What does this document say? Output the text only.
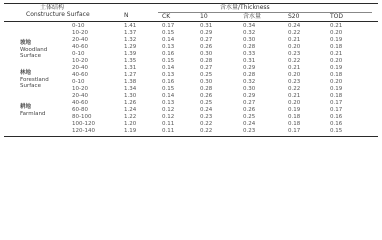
土体结构
Constructure Surface	N
含水量/Thickness
CK	10	含水量	S20	TOD
坡地
Woodland
Surface
林地
Forestland
Surface
耕地
Farmland
0-10	1.41	0.17	0.31	0.34	0.24	0.21
10-20	1.37	0.15	0.29	0.32	0.22	0.20
20-40	1.32	0.14	0.27	0.30	0.21	0.19
40-60	1.29	0.13	0.26	0.28	0.20	0.18
0-10	1.39	0.16	0.30	0.33	0.23	0.21
10-20	1.35	0.15	0.28	0.31	0.22	0.20
20-40	1.31	0.14	0.27	0.29	0.21	0.19
40-60	1.27	0.13	0.25	0.28	0.20	0.18
0-10	1.38	0.16	0.30	0.32	0.23	0.20
10-20	1.34	0.15	0.28	0.30	0.22	0.19
20-40	1.30	0.14	0.26	0.29	0.21	0.18
40-60	1.26	0.13	0.25	0.27	0.20	0.17
60-80	1.24	0.12	0.24	0.26	0.19	0.17
80-100	1.22	0.12	0.23	0.25	0.18	0.16
100-120	1.20	0.11	0.22	0.24	0.18	0.16
120-140	1.19	0.11	0.22	0.23	0.17	0.15
